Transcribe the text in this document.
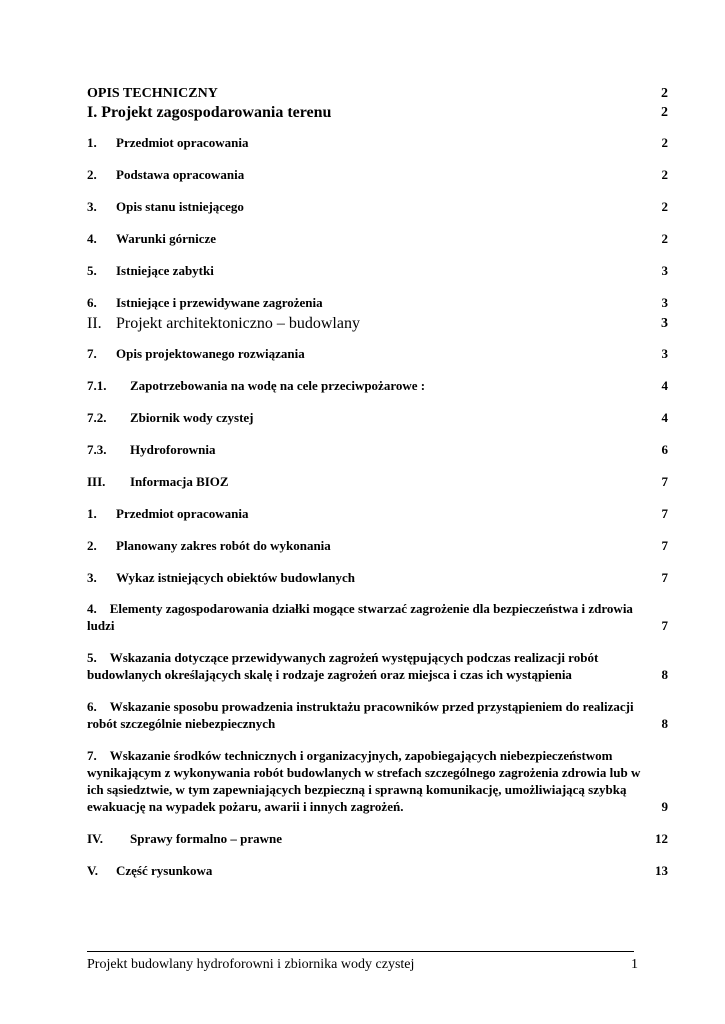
OPIS TECHNICZNY	2
I. Projekt zagospodarowania terenu	2
1. Przedmiot opracowania	2
2. Podstawa opracowania	2
3. Opis stanu istniejącego	2
4. Warunki górnicze	2
5. Istniejące zabytki	3
6. Istniejące i przewidywane zagrożenia	3
II. Projekt architektoniczno – budowlany	3
7. Opis projektowanego rozwiązania	3
7.1. Zapotrzebowania na wodę na cele przeciwpożarowe :	4
7.2. Zbiornik wody czystej	4
7.3. Hydroforownia	6
III. Informacja BIOZ	7
1. Przedmiot opracowania	7
2. Planowany zakres robót do wykonania	7
3. Wykaz istniejących obiektów budowlanych	7
4. Elementy zagospodarowania działki mogące stwarzać zagrożenie dla bezpieczeństwa i zdrowia ludzi	7
5. Wskazania dotyczące przewidywanych zagrożeń występujących podczas realizacji robót budowlanych określających skalę i rodzaje zagrożeń oraz miejsca i czas ich wystąpienia	8
6. Wskazanie sposobu prowadzenia instruktażu pracowników przed przystąpieniem do realizacji robót szczególnie niebezpiecznych	8
7. Wskazanie środków technicznych i organizacyjnych, zapobiegających niebezpieczeństwom wynikającym z wykonywania robót budowlanych w strefach szczególnego zagrożenia zdrowia lub w ich sąsiedztwie, w tym zapewniających bezpieczną i sprawną komunikację, umożliwiającą szybką ewakuację na wypadek pożaru, awarii i innych zagrożeń.	9
IV. Sprawy formalno – prawne	12
V. Część rysunkowa	13
Projekt budowlany hydroforowni i zbiornika wody czystej	1
